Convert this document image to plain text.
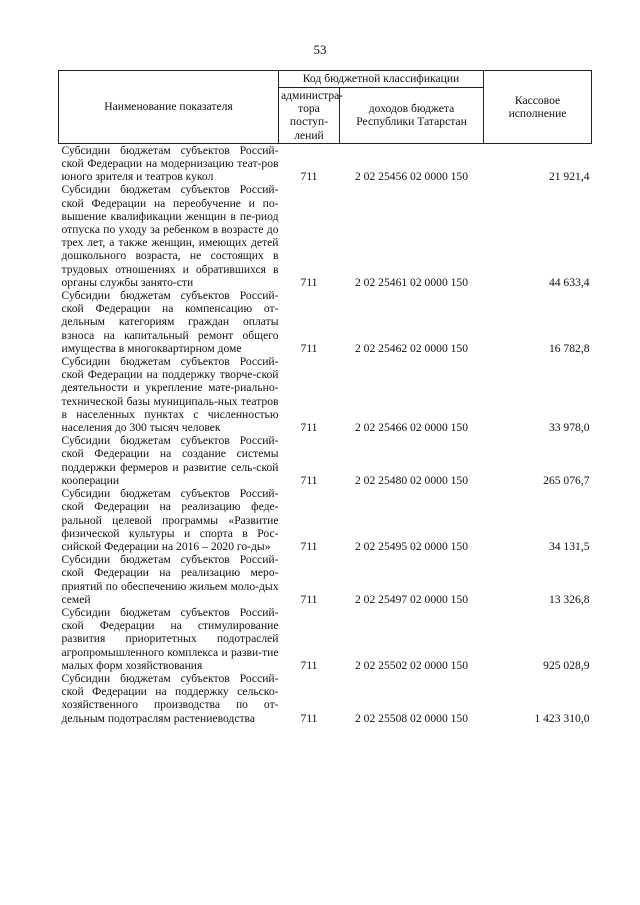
53
Наименование показателя	Код бюджетной классификации		Кассовое исполнение
	администра-тора поступ-лений	доходов бюджета Республики Татарстан	
Субсидии бюджетам субъектов Россий-ской Федерации на модернизацию теат-ров юного зрителя и театров кукол	711	2 02 25456 02 0000 150	21 921,4
Субсидии бюджетам субъектов Россий-ской Федерации на переобучение и по-вышение квалификации женщин в пе-риод отпуска по уходу за ребенком в возрасте до трех лет, а также женщин, имеющих детей дошкольного возраста, не состоящих в трудовых отношениях и обратившихся в органы службы занято-сти	711	2 02 25461 02 0000 150	44 633,4
Субсидии бюджетам субъектов Россий-ской Федерации на компенсацию от-дельным категориям граждан оплаты взноса на капитальный ремонт общего имущества в многоквартирном доме	711	2 02 25462 02 0000 150	16 782,8
Субсидии бюджетам субъектов Россий-ской Федерации на поддержку творче-ской деятельности и укрепление мате-риально-технической базы муниципаль-ных театров в населенных пунктах с численностью населения до 300 тысяч человек	711	2 02 25466 02 0000 150	33 978,0
Субсидии бюджетам субъектов Россий-ской Федерации на создание системы поддержки фермеров и развитие сель-ской кооперации	711	2 02 25480 02 0000 150	265 076,7
Субсидии бюджетам субъектов Россий-ской Федерации на реализацию феде-ральной целевой программы «Развитие физической культуры и спорта в Рос-сийской Федерации на 2016 – 2020 го-ды»	711	2 02 25495 02 0000 150	34 131,5
Субсидии бюджетам субъектов Россий-ской Федерации на реализацию меро-приятий по обеспечению жильем моло-дых семей	711	2 02 25497 02 0000 150	13 326,8
Субсидии бюджетам субъектов Россий-ской Федерации на стимулирование развития приоритетных подотраслей агропромышленного комплекса и разви-тие малых форм хозяйствования	711	2 02 25502 02 0000 150	925 028,9
Субсидии бюджетам субъектов Россий-ской Федерации на поддержку сельско-хозяйственного производства по от-дельным подотраслям растениеводства	711	2 02 25508 02 0000 150	1 423 310,0
